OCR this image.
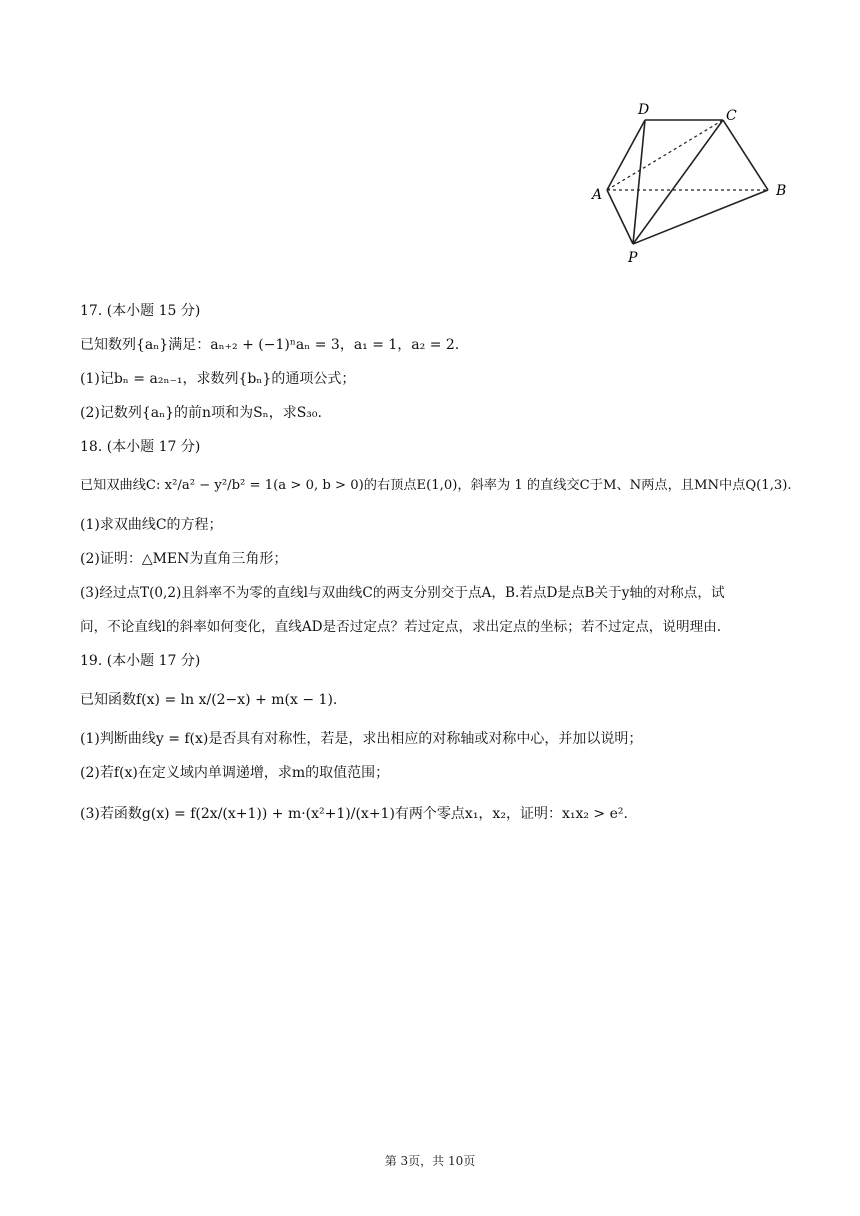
D	C
A	B
P
17. (本小题 15 分)
已知数列{aₙ}满足：aₙ₊₂ + (−1)ⁿaₙ = 3，a₁ = 1，a₂ = 2.
(1)记bₙ = a₂ₙ₋₁，求数列{bₙ}的通项公式；
(2)记数列{aₙ}的前n项和为Sₙ，求S₃₀.
18. (本小题 17 分)
已知双曲线C: x²/a² − y²/b² = 1(a > 0, b > 0)的右顶点E(1,0)，斜率为 1 的直线交C于M、N两点，且MN中点Q(1,3).
(1)求双曲线C的方程；
(2)证明：△MEN为直角三角形；
(3)经过点T(0,2)且斜率不为零的直线l与双曲线C的两支分别交于点A，B.若点D是点B关于y轴的对称点，试
问，不论直线l的斜率如何变化，直线AD是否过定点？若过定点，求出定点的坐标；若不过定点，说明理由.
19. (本小题 17 分)
已知函数f(x) = ln x/(2−x) + m(x − 1).
(1)判断曲线y = f(x)是否具有对称性，若是，求出相应的对称轴或对称中心，并加以说明；
(2)若f(x)在定义域内单调递增，求m的取值范围；
(3)若函数g(x) = f(2x/(x+1)) + m·(x²+1)/(x+1)有两个零点x₁，x₂，证明：x₁x₂ > e².
第 3页，共 10页
